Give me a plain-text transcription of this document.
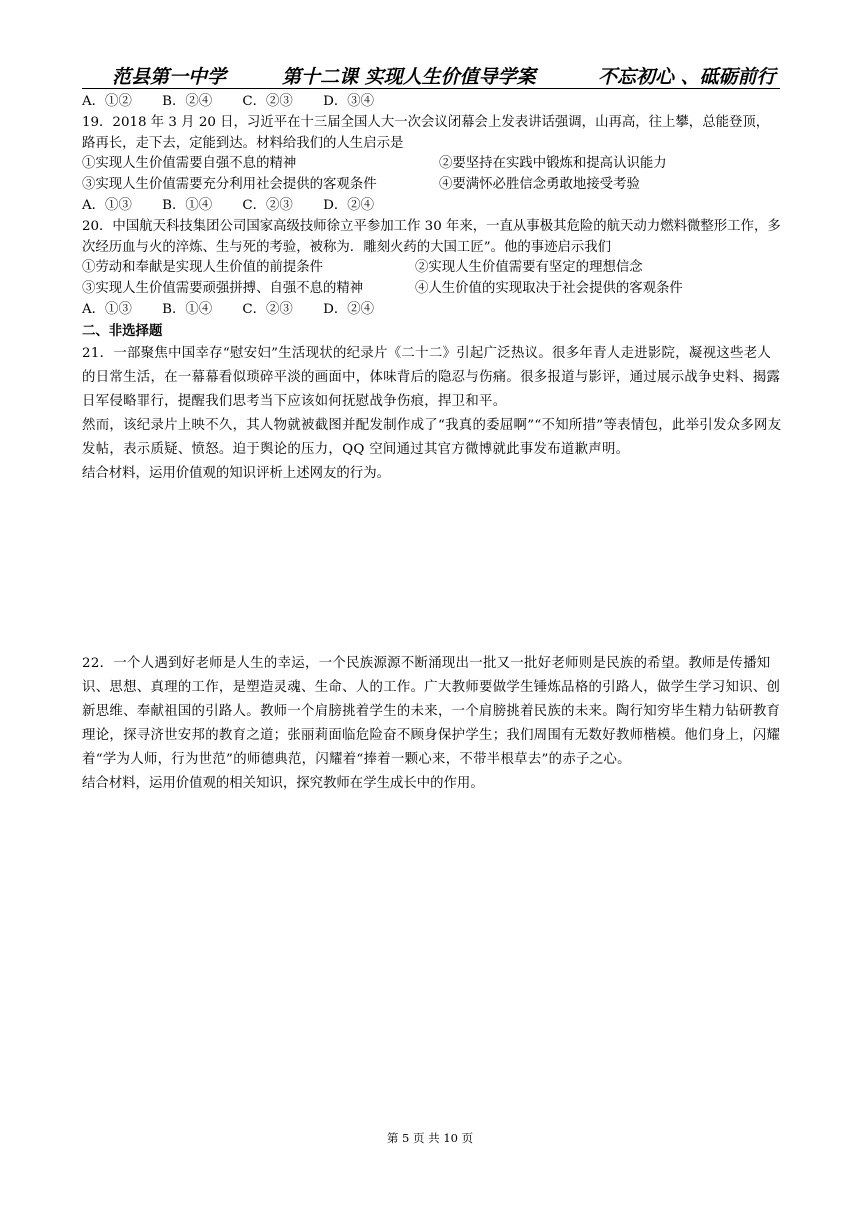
范县第一中学	第十二课 实现人生价值导学案	不忘初心 、砥砺前行
A．①② B．②④ C．②③ D．③④
19．2018 年 3 月 20 日，习近平在十三届全国人大一次会议闭幕会上发表讲话强调，山再高，往上攀，总能登顶，路再长，走下去，定能到达。材料给我们的人生启示是
①实现人生价值需要自强不息的精神	②要坚持在实践中锻炼和提高认识能力
③实现人生价值需要充分利用社会提供的客观条件	④要满怀必胜信念勇敢地接受考验
A．①③ B．①④ C．②③ D．②④
20．中国航天科技集团公司国家高级技师徐立平参加工作 30 年来，一直从事极其危险的航天动力燃料微整形工作，多次经历血与火的淬炼、生与死的考验，被称为．雕刻火药的大国工匠”。他的事迹启示我们
①劳动和奉献是实现人生价值的前提条件	②实现人生价值需要有坚定的理想信念
③实现人生价值需要顽强拼搏、自强不息的精神	④人生价值的实现取决于社会提供的客观条件
A．①③ B．①④ C．②③ D．②④
二、非选择题
21．一部聚焦中国幸存“慰安妇”生活现状的纪录片《二十二》引起广泛热议。很多年青人走进影院，凝视这些老人的日常生活，在一幕幕看似琐碎平淡的画面中，体味背后的隐忍与伤痛。很多报道与影评，通过展示战争史料、揭露日军侵略罪行，提醒我们思考当下应该如何抚慰战争伤痕，捍卫和平。
然而，该纪录片上映不久，其人物就被截图并配发制作成了“我真的委屈啊”“不知所措”等表情包，此举引发众多网友发帖，表示质疑、愤怒。迫于舆论的压力，QQ 空间通过其官方微博就此事发布道歉声明。
结合材料，运用价值观的知识评析上述网友的行为。
22．一个人遇到好老师是人生的幸运，一个民族源源不断涌现出一批又一批好老师则是民族的希望。教师是传播知识、思想、真理的工作，是塑造灵魂、生命、人的工作。广大教师要做学生锤炼品格的引路人，做学生学习知识、创新思维、奉献祖国的引路人。教师一个肩膀挑着学生的未来，一个肩膀挑着民族的未来。陶行知穷毕生精力钻研教育理论，探寻济世安邦的教育之道；张丽莉面临危险奋不顾身保护学生；我们周围有无数好教师楷模。他们身上，闪耀着“学为人师，行为世范”的师德典范，闪耀着“捧着一颗心来，不带半根草去”的赤子之心。
结合材料，运用价值观的相关知识，探究教师在学生成长中的作用。
第 5 页 共 10 页
